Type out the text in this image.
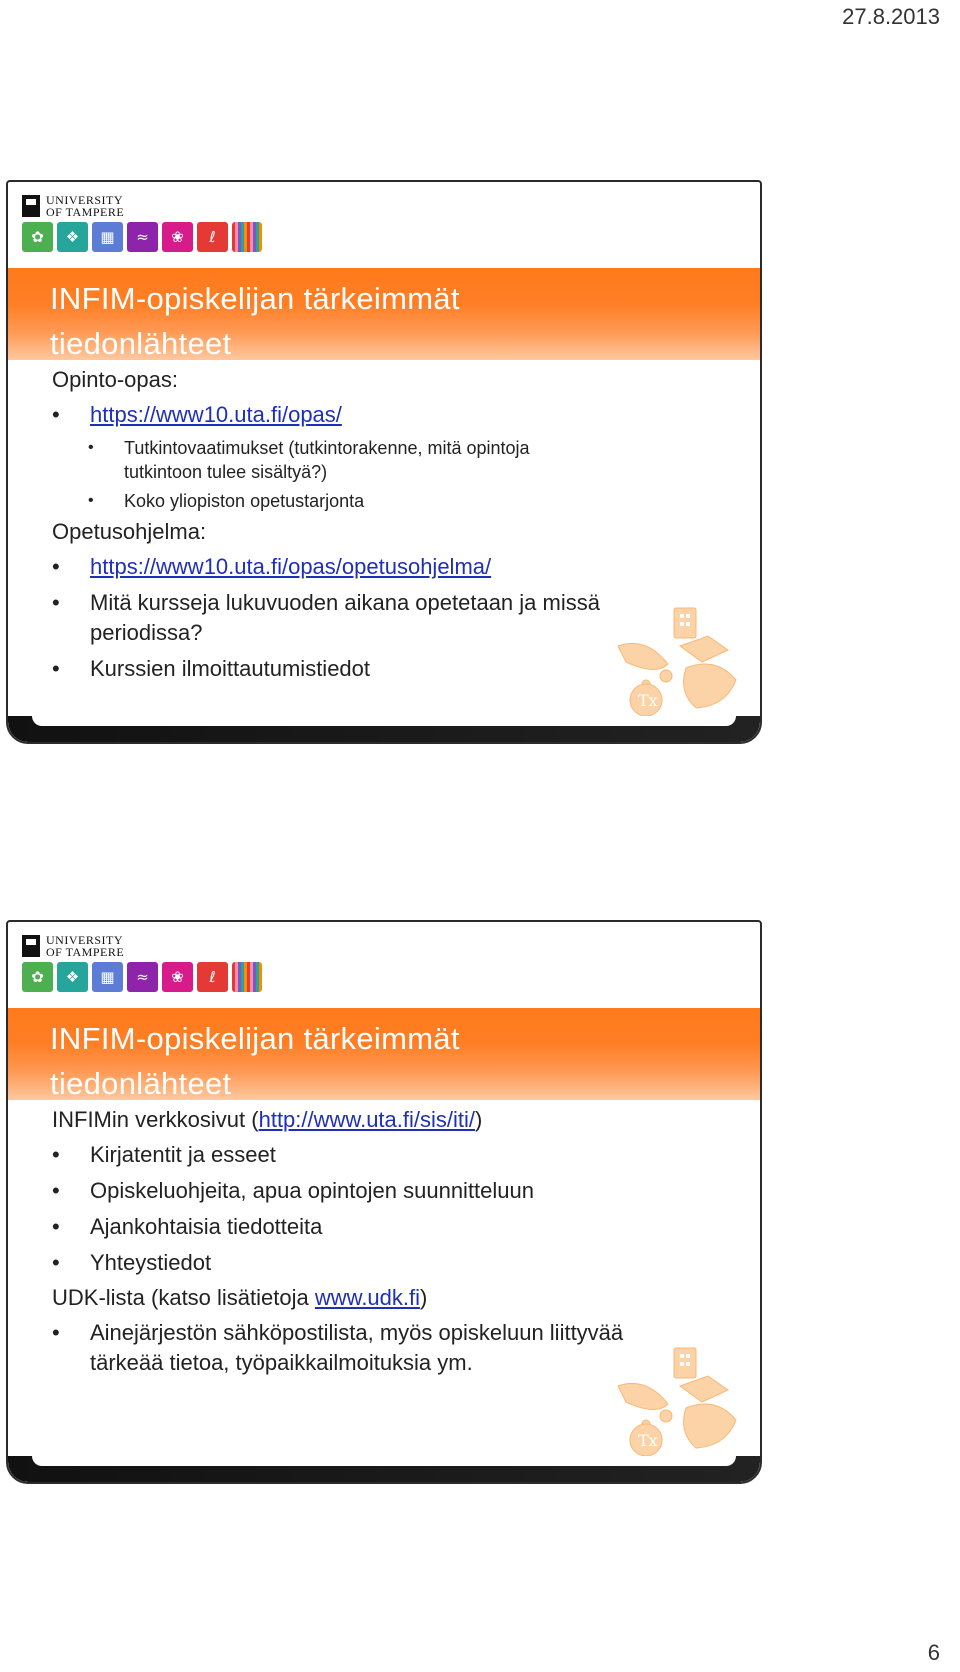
27.8.2013
UNIVERSITY
OF TAMPERE
✿	❖	▦	≈	❀	ℓ
INFIM-opiskelijan tärkeimmät
tiedonlähteet
Opinto-opas:
• https://www10.uta.fi/opas/
• Tutkintovaatimukset (tutkintorakenne, mitä opintoja
tutkintoon tulee sisältyä?)
• Koko yliopiston opetustarjonta
Opetusohjelma:
• https://www10.uta.fi/opas/opetusohjelma/
• Mitä kursseja lukuvuoden aikana opetetaan ja missä
periodissa?
• Kurssien ilmoittautumistiedot
Tx
UNIVERSITY
OF TAMPERE
✿	❖	▦	≈	❀	ℓ
INFIM-opiskelijan tärkeimmät
tiedonlähteet
INFIMin verkkosivut (http://www.uta.fi/sis/iti/)
• Kirjatentit ja esseet
• Opiskeluohjeita, apua opintojen suunnitteluun
• Ajankohtaisia tiedotteita
• Yhteystiedot
UDK-lista (katso lisätietoja www.udk.fi)
• Ainejärjestön sähköpostilista, myös opiskeluun liittyvää
tärkeää tietoa, työpaikkailmoituksia ym.
Tx
6
